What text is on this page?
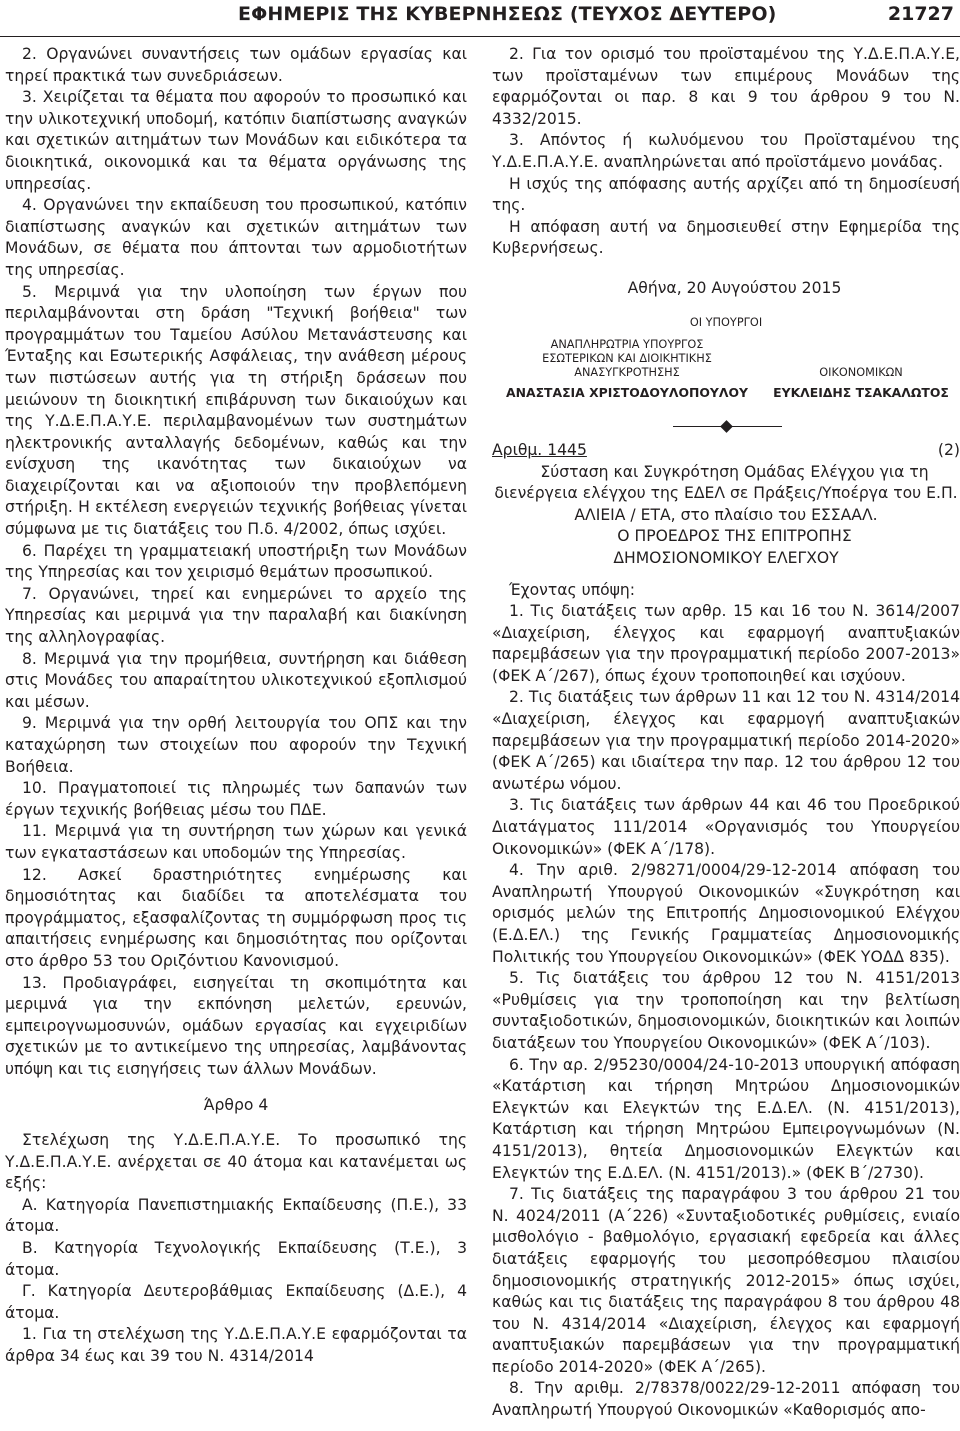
ΕΦΗΜΕΡΙΣ ΤΗΣ ΚΥΒΕΡΝΗΣΕΩΣ (ΤΕΥΧΟΣ ΔΕΥΤΕΡΟ)	21727

2. Οργανώνει συναντήσεις των ομάδων εργασίας και τηρεί πρακτικά των συνεδριάσεων.

3. Χειρίζεται τα θέματα που αφορούν το προσωπικό και την υλικοτεχνική υποδομή, κατόπιν διαπίστωσης αναγκών και σχετικών αιτημάτων των Μονάδων και ειδικότερα τα διοικητικά, οικονομικά και τα θέματα οργάνωσης της υπηρεσίας.

4. Οργανώνει την εκπαίδευση του προσωπικού, κατόπιν διαπίστωσης αναγκών και σχετικών αιτημάτων των Μονάδων, σε θέματα που άπτονται των αρμοδιοτήτων της υπηρεσίας.

5. Μεριμνά για την υλοποίηση των έργων που περιλαμβάνονται στη δράση "Τεχνική βοήθεια" των προγραμμάτων του Ταμείου Ασύλου Μετανάστευσης και Ένταξης και Εσωτερικής Ασφάλειας, την ανάθεση μέρους των πιστώσεων αυτής για τη στήριξη δράσεων που μειώνουν τη διοικητική επιβάρυνση των δικαιούχων και της Υ.Δ.Ε.Π.Α.Υ.Ε. περιλαμβανομένων των συστημάτων ηλεκτρονικής ανταλλαγής δεδομένων, καθώς και την ενίσχυση της ικανότητας των δικαιούχων να διαχειρίζονται και να αξιοποιούν την προβλεπόμενη στήριξη. Η εκτέλεση ενεργειών τεχνικής βοήθειας γίνεται σύμφωνα με τις διατάξεις του Π.δ. 4/2002, όπως ισχύει.

6. Παρέχει τη γραμματειακή υποστήριξη των Μονάδων της Υπηρεσίας και τον χειρισμό θεμάτων προσωπικού.

7. Οργανώνει, τηρεί και ενημερώνει το αρχείο της Υπηρεσίας και μεριμνά για την παραλαβή και διακίνηση της αλληλογραφίας.

8. Μεριμνά για την προμήθεια, συντήρηση και διάθεση στις Μονάδες του απαραίτητου υλικοτεχνικού εξοπλισμού και μέσων.

9. Μεριμνά για την ορθή λειτουργία του ΟΠΣ και την καταχώρηση των στοιχείων που αφορούν την Τεχνική Βοήθεια.

10. Πραγματοποιεί τις πληρωμές των δαπανών των έργων τεχνικής βοήθειας μέσω του ΠΔΕ.

11. Μεριμνά για τη συντήρηση των χώρων και γενικά των εγκαταστάσεων και υποδομών της Υπηρεσίας.

12. Ασκεί δραστηριότητες ενημέρωσης και δημοσιότητας και διαδίδει τα αποτελέσματα του προγράμματος, εξασφαλίζοντας τη συμμόρφωση προς τις απαιτήσεις ενημέρωσης και δημοσιότητας που ορίζονται στο άρθρο 53 του Οριζόντιου Κανονισμού.

13. Προδιαγράφει, εισηγείται τη σκοπιμότητα και μεριμνά για την εκπόνηση μελετών, ερευνών, εμπειρογνωμοσυνών, ομάδων εργασίας και εγχειριδίων σχετικών με το αντικείμενο της υπηρεσίας, λαμβάνοντας υπόψη και τις εισηγήσεις των άλλων Μονάδων.

Άρθρο 4

Στελέχωση της Υ.Δ.Ε.Π.Α.Υ.Ε. Το προσωπικό της Υ.Δ.Ε.Π.Α.Υ.Ε. ανέρχεται σε 40 άτομα και κατανέμεται ως εξής:

Α. Κατηγορία Πανεπιστημιακής Εκπαίδευσης (Π.Ε.), 33 άτομα.

Β. Κατηγορία Τεχνολογικής Εκπαίδευσης (Τ.Ε.), 3 άτομα.

Γ. Κατηγορία Δευτεροβάθμιας Εκπαίδευσης (Δ.Ε.), 4 άτομα.

1. Για τη στελέχωση της Υ.Δ.Ε.Π.Α.Υ.Ε εφαρμόζονται τα άρθρα 34 έως και 39 του Ν. 4314/2014

2. Για τον ορισμό του προϊσταμένου της Υ.Δ.Ε.Π.Α.Υ.Ε, των προϊσταμένων των επιμέρους Μονάδων της εφαρμόζονται οι παρ. 8 και 9 του άρθρου 9 του Ν. 4332/2015.

3. Απόντος ή κωλυόμενου του Προϊσταμένου της Υ.Δ.Ε.Π.Α.Υ.Ε. αναπληρώνεται από προϊστάμενο μονάδας.

Η ισχύς της απόφασης αυτής αρχίζει από τη δημοσίευσή της.

Η απόφαση αυτή να δημοσιευθεί στην Εφημερίδα της Κυβερνήσεως.

Αθήνα, 20 Αυγούστου 2015

ΟΙ ΥΠΟΥΡΓΟΙ
ΑΝΑΠΛΗΡΩΤΡΙΑ ΥΠΟΥΡΓΟΣ
ΕΣΩΤΕΡΙΚΩΝ ΚΑΙ ΔΙΟΙΚΗΤΙΚΗΣ
ΑΝΑΣΥΓΚΡΟΤΗΣΗΣ	ΟΙΚΟΝΟΜΙΚΩΝ
ΑΝΑΣΤΑΣΙΑ ΧΡΙΣΤΟΔΟΥΛΟΠΟΥΛΟΥ	ΕΥΚΛΕΙΔΗΣ ΤΣΑΚΑΛΩΤΟΣ
Αριθμ. 1445	(2)

Σύσταση και Συγκρότηση Ομάδας Ελέγχου για τη διενέργεια ελέγχου της ΕΔΕΛ σε Πράξεις/Υποέργα του Ε.Π. ΑΛΙΕΙΑ / ΕΤΑ, στο πλαίσιο του ΕΣΣΑΑΛ.

Ο ΠΡΟΕΔΡΟΣ ΤΗΣ ΕΠΙΤΡΟΠΗΣ

ΔΗΜΟΣΙΟΝΟΜΙΚΟΥ ΕΛΕΓΧΟΥ

Έχοντας υπόψη:

1. Τις διατάξεις των αρθρ. 15 και 16 του Ν. 3614/2007 «Διαχείριση, έλεγχος και εφαρμογή αναπτυξιακών παρεμβάσεων για την προγραμματική περίοδο 2007-2013» (ΦΕΚ Α΄/267), όπως έχουν τροποποιηθεί και ισχύουν.

2. Τις διατάξεις των άρθρων 11 και 12 του Ν. 4314/2014 «Διαχείριση, έλεγχος και εφαρμογή αναπτυξιακών παρεμβάσεων για την προγραμματική περίοδο 2014-2020» (ΦΕΚ Α΄/265) και ιδιαίτερα την παρ. 12 του άρθρου 12 του ανωτέρω νόμου.

3. Τις διατάξεις των άρθρων 44 και 46 του Προεδρικού Διατάγματος 111/2014 «Οργανισμός του Υπουργείου Οικονομικών» (ΦΕΚ Α΄/178).

4. Την αριθ. 2/98271/0004/29-12-2014 απόφαση του Αναπληρωτή Υπουργού Οικονομικών «Συγκρότηση και ορισμός μελών της Επιτροπής Δημοσιονομικού Ελέγχου (Ε.Δ.ΕΛ.) της Γενικής Γραμματείας Δημοσιονομικής Πολιτικής του Υπουργείου Οικονομικών» (ΦΕΚ ΥΟΔΔ 835).

5. Τις διατάξεις του άρθρου 12 του Ν. 4151/2013 «Ρυθμίσεις για την τροποποίηση και την βελτίωση συνταξιοδοτικών, δημοσιονομικών, διοικητικών και λοιπών διατάξεων του Υπουργείου Οικονομικών» (ΦΕΚ Α΄/103).

6. Την αρ. 2/95230/0004/24-10-2013 υπουργική απόφαση «Κατάρτιση και τήρηση Μητρώου Δημοσιονομικών Ελεγκτών και Ελεγκτών της Ε.Δ.ΕΛ. (Ν. 4151/2013), Κατάρτιση και τήρηση Μητρώου Εμπειρογνωμόνων (Ν. 4151/2013), θητεία Δημοσιονομικών Ελεγκτών και Ελεγκτών της Ε.Δ.ΕΛ. (Ν. 4151/2013).» (ΦΕΚ Β΄/2730).

7. Τις διατάξεις της παραγράφου 3 του άρθρου 21 του Ν. 4024/2011 (Α΄226) «Συνταξιοδοτικές ρυθμίσεις, ενιαίο μισθολόγιο - βαθμολόγιο, εργασιακή εφεδρεία και άλλες διατάξεις εφαρμογής του μεσοπρόθεσμου πλαισίου δημοσιονομικής στρατηγικής 2012-2015» όπως ισχύει, καθώς και τις διατάξεις της παραγράφου 8 του άρθρου 48 του Ν. 4314/2014 «Διαχείριση, έλεγχος και εφαρμογή αναπτυξιακών παρεμβάσεων για την προγραμματική περίοδο 2014-2020» (ΦΕΚ Α΄/265).

8. Την αριθμ. 2/78378/0022/29-12-2011 απόφαση του Αναπληρωτή Υπουργού Οικονομικών «Καθορισμός απο-
